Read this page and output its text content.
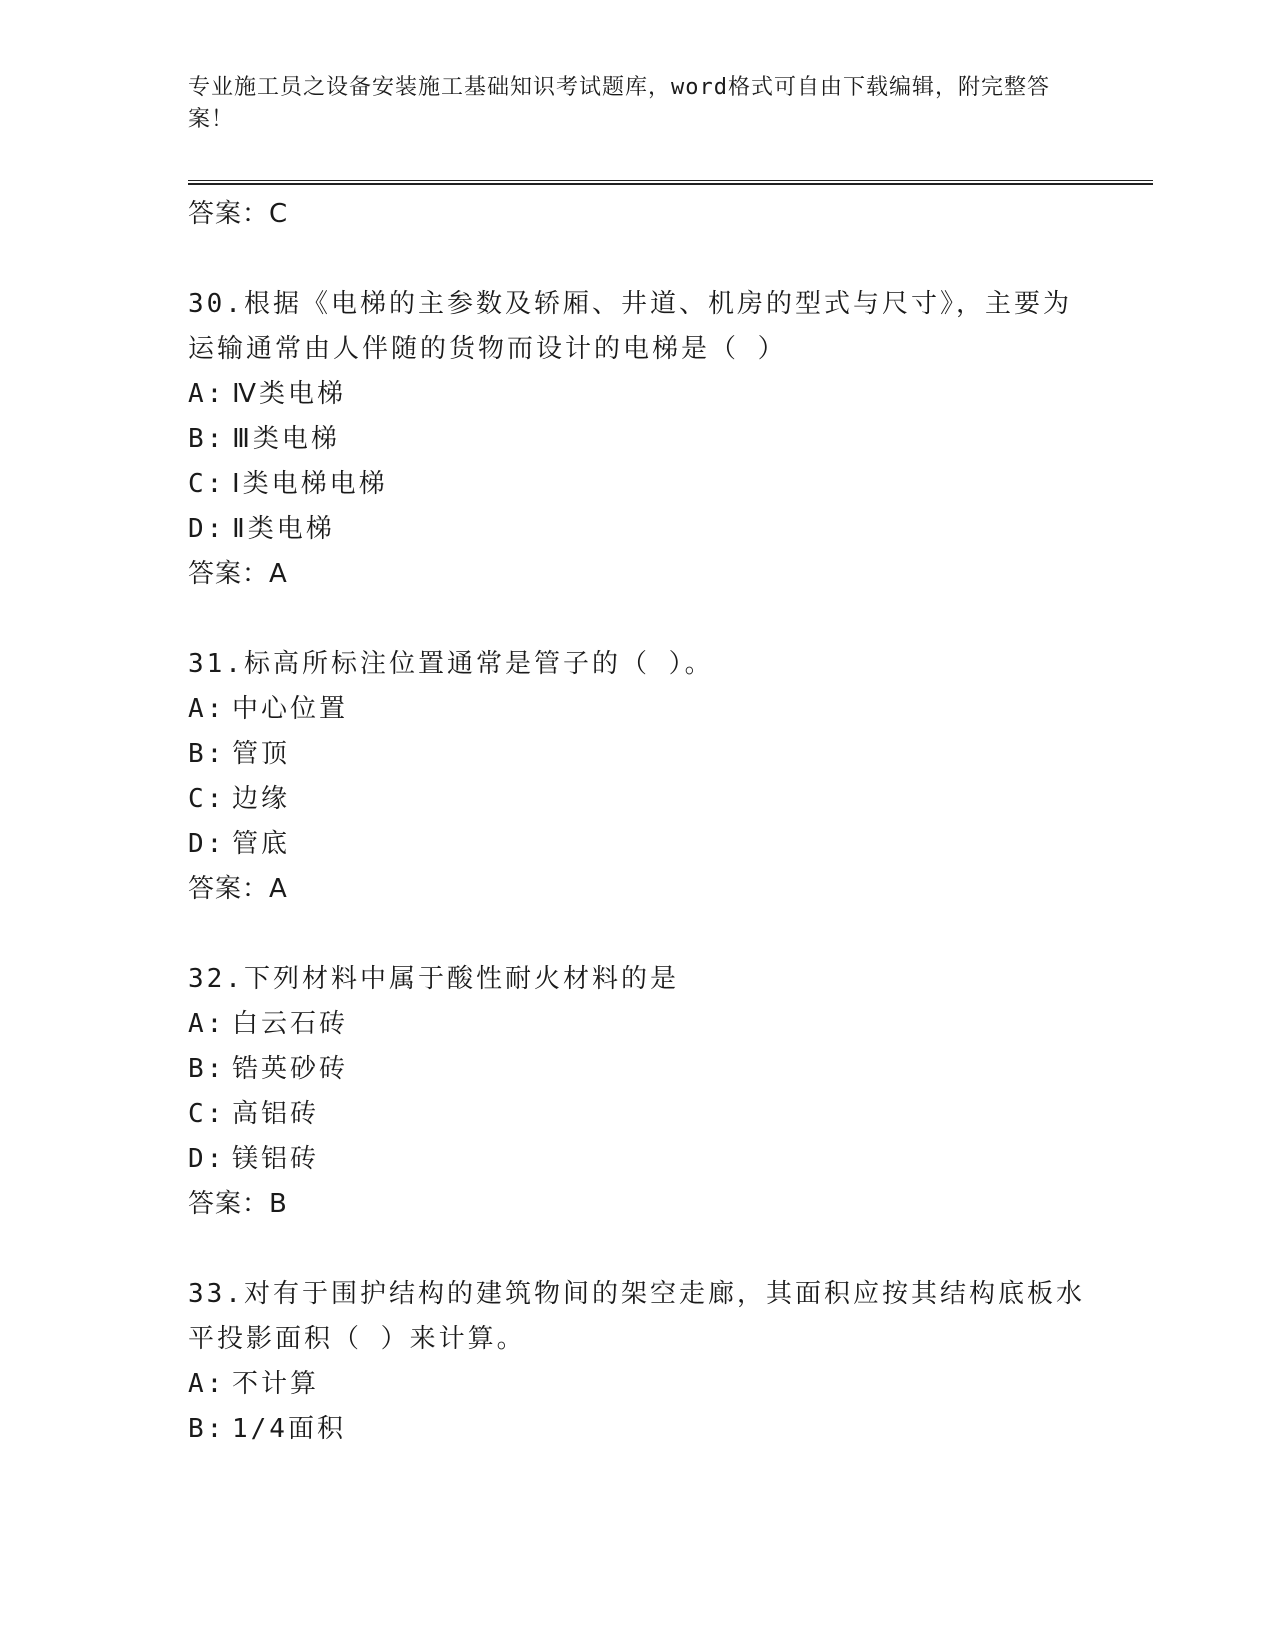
专业施工员之设备安装施工基础知识考试题库，word格式可自由下载编辑，附完整答案！
答案：C
30.根据《电梯的主参数及轿厢、井道、机房的型式与尺寸》，主要为运输通常由人伴随的货物而设计的电梯是（ ）
A: Ⅳ类电梯
B: Ⅲ类电梯
C: Ⅰ类电梯电梯
D: Ⅱ类电梯
答案：A
31.标高所标注位置通常是管子的（ ）。
A: 中心位置
B: 管顶
C: 边缘
D: 管底
答案：A
32.下列材料中属于酸性耐火材料的是
A: 白云石砖
B: 锆英砂砖
C: 高铝砖
D: 镁铝砖
答案：B
33.对有于围护结构的建筑物间的架空走廊，其面积应按其结构底板水平投影面积（ ）来计算。
A: 不计算
B: 1/4面积
